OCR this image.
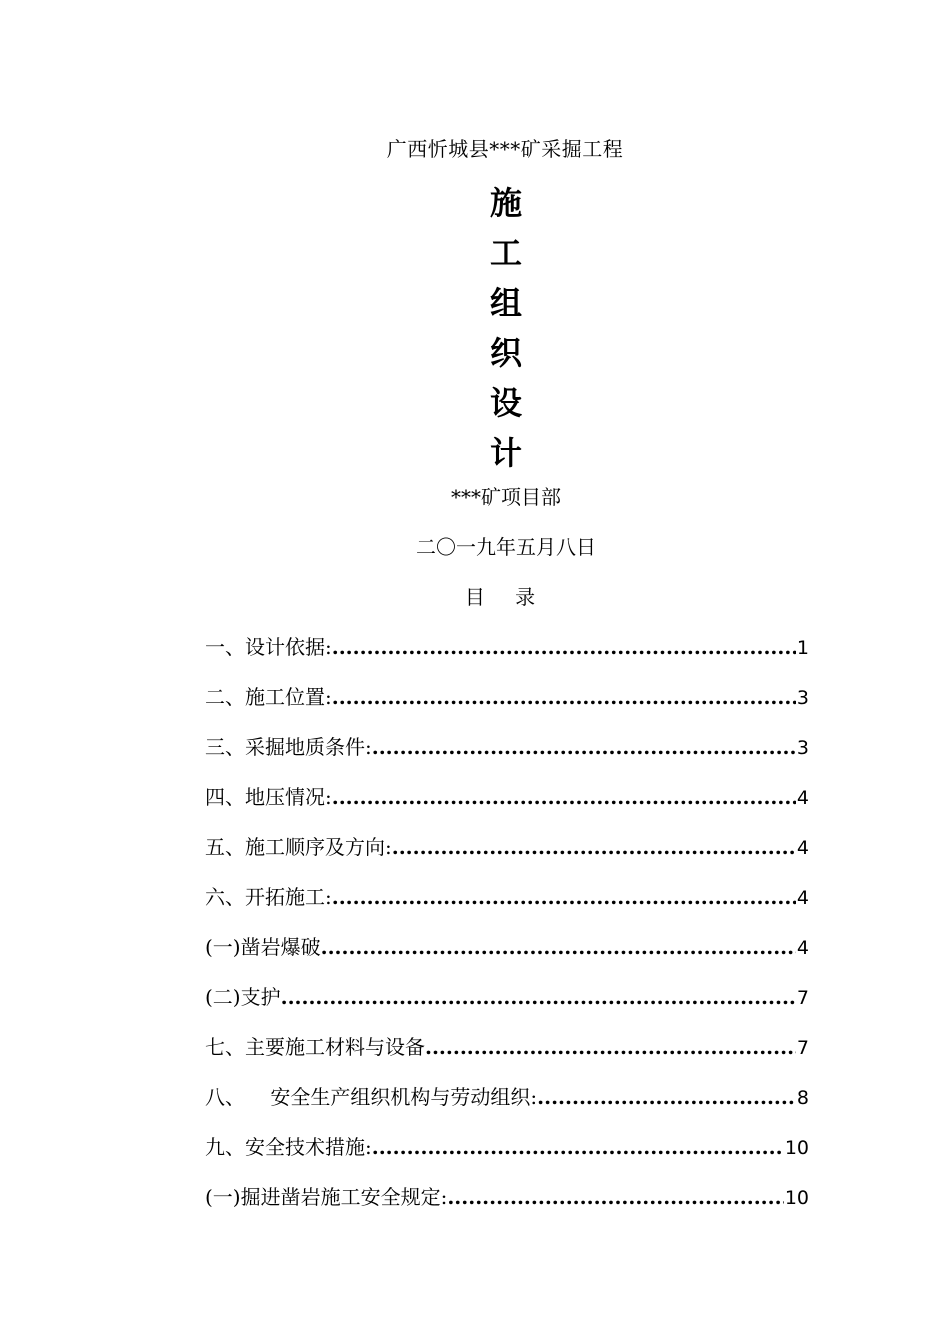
广西忻城县***矿采掘工程
施
工
组
织
设
计
***矿项目部
二〇一九年五月八日
目 录
一、设计依据: .....	1
二、施工位置: .....	3
三、采掘地质条件: .....	3
四、地压情况: .....	4
五、施工顺序及方向: .....	4
六、开拓施工: .....	4
(一)凿岩爆破 .....	4
(二)支护 .....	7
七、主要施工材料与设备 .....	7
八、    安全生产组织机构与劳动组织: .....	8
九、安全技术措施: .....	10
(一)掘进凿岩施工安全规定: .....	10
